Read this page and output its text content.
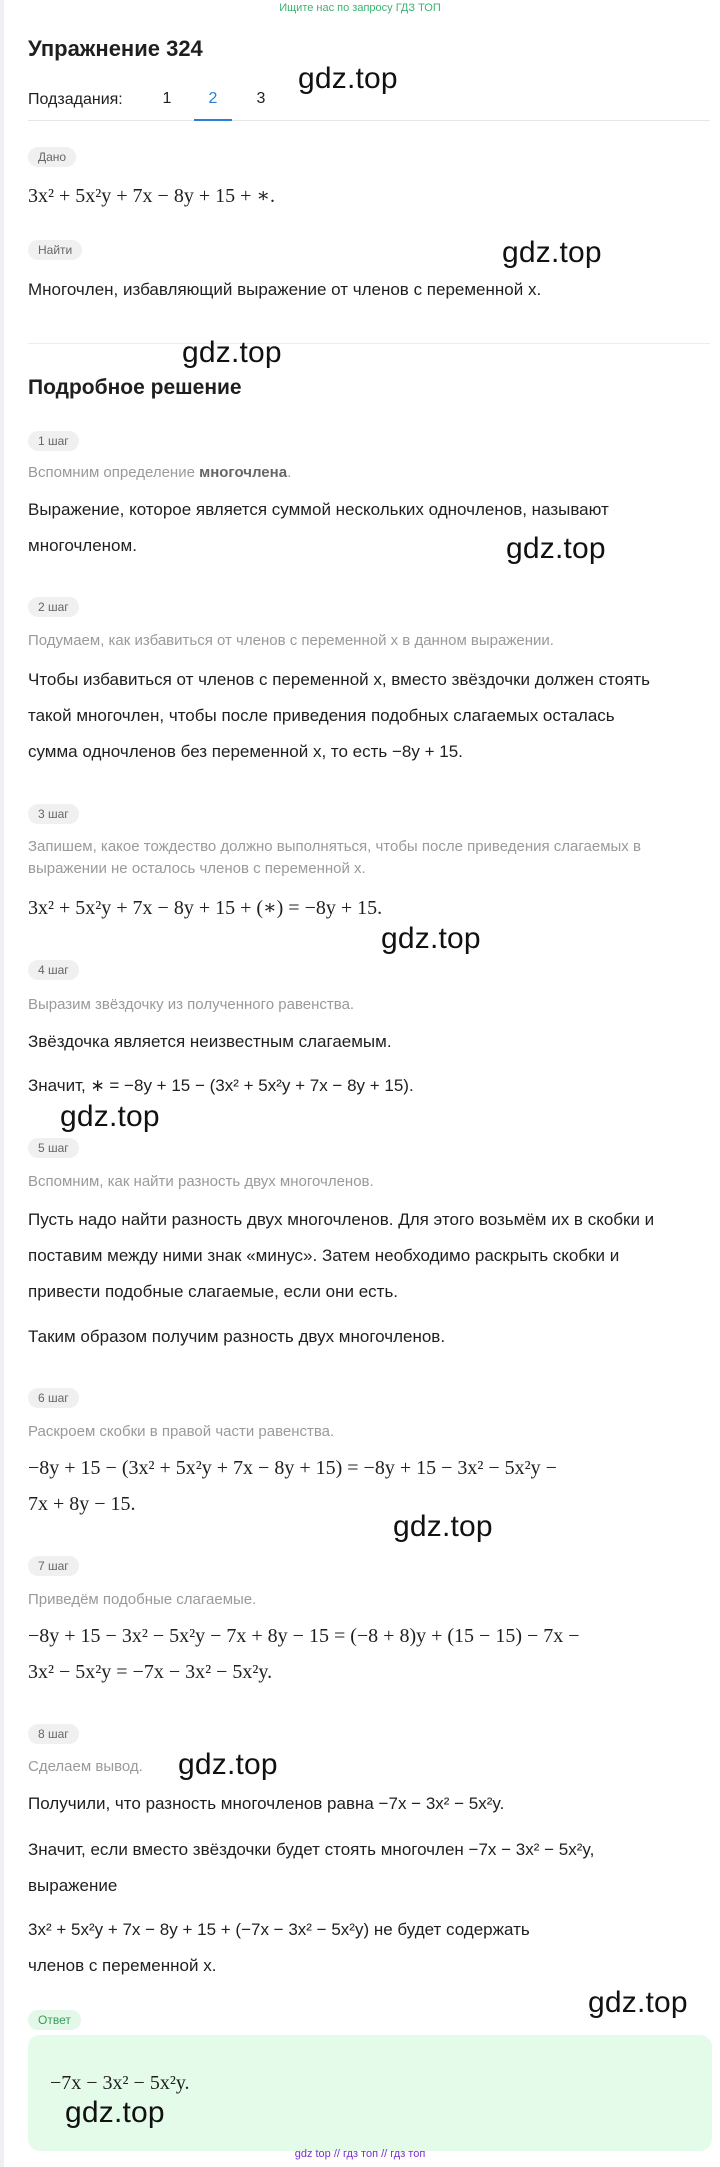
Ищите нас по запросу ГДЗ ТОП
Упражнение 324
Подзадания:	1	2	3
Дано
3x² + 5x²y + 7x − 8y + 15 + ∗.
Найти
Многочлен, избавляющий выражение от членов с переменной x.
Подробное решение
1 шаг
Вспомним определение многочлена.
Выражение, которое является суммой нескольких одночленов, называют
многочленом.
2 шаг
Подумаем, как избавиться от членов с переменной x в данном выражении.
Чтобы избавиться от членов с переменной x, вместо звёздочки должен стоять
такой многочлен, чтобы после приведения подобных слагаемых осталась
сумма одночленов без переменной x, то есть −8y + 15.
3 шаг
Запишем, какое тождество должно выполняться, чтобы после приведения слагаемых в выражении не осталось членов с переменной x.
3x² + 5x²y + 7x − 8y + 15 + (∗) = −8y + 15.
4 шаг
Выразим звёздочку из полученного равенства.
Звёздочка является неизвестным слагаемым.
Значит, ∗ = −8y + 15 − (3x² + 5x²y + 7x − 8y + 15).
5 шаг
Вспомним, как найти разность двух многочленов.
Пусть надо найти разность двух многочленов. Для этого возьмём их в скобки и
поставим между ними знак «минус». Затем необходимо раскрыть скобки и
привести подобные слагаемые, если они есть.
Таким образом получим разность двух многочленов.
6 шаг
Раскроем скобки в правой части равенства.
−8y + 15 − (3x² + 5x²y + 7x − 8y + 15) = −8y + 15 − 3x² − 5x²y −
7x + 8y − 15.
7 шаг
Приведём подобные слагаемые.
−8y + 15 − 3x² − 5x²y − 7x + 8y − 15 = (−8 + 8)y + (15 − 15) − 7x −
3x² − 5x²y = −7x − 3x² − 5x²y.
8 шаг
Сделаем вывод.
Получили, что разность многочленов равна −7x − 3x² − 5x²y.
Значит, если вместо звёздочки будет стоять многочлен −7x − 3x² − 5x²y,
выражение
3x² + 5x²y + 7x − 8y + 15 + (−7x − 3x² − 5x²y) не будет содержать
членов с переменной x.
Ответ
−7x − 3x² − 5x²y.
gdz.top
gdz.top
gdz.top
gdz.top
gdz.top
gdz.top
gdz.top
gdz.top
gdz.top
gdz.top
gdz top // гдз топ // гдз топ
